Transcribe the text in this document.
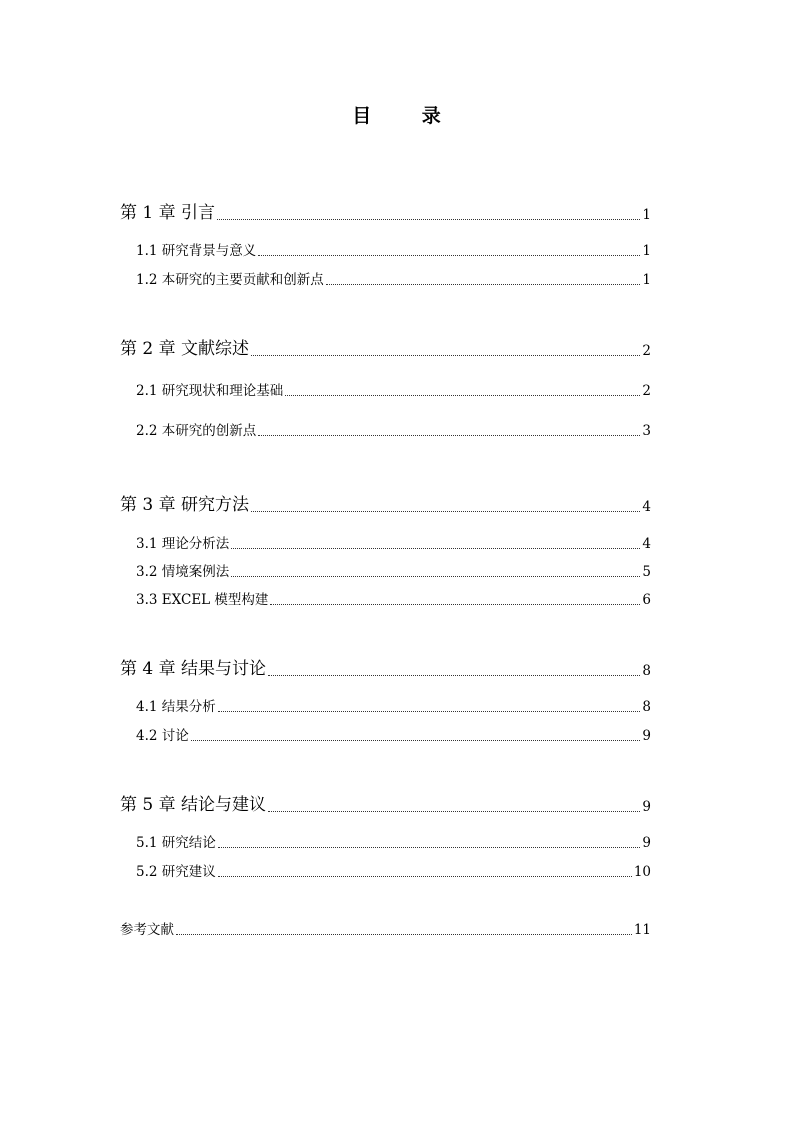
目 录
第 1 章 引言	1
1.1 研究背景与意义	1
1.2 本研究的主要贡献和创新点	1
第 2 章 文献综述	2
2.1 研究现状和理论基础	2
2.2 本研究的创新点	3
第 3 章 研究方法	4
3.1 理论分析法	4
3.2 情境案例法	5
3.3 EXCEL 模型构建	6
第 4 章 结果与讨论	8
4.1 结果分析	8
4.2 讨论	9
第 5 章 结论与建议	9
5.1 研究结论	9
5.2 研究建议	10
参考文献	11
